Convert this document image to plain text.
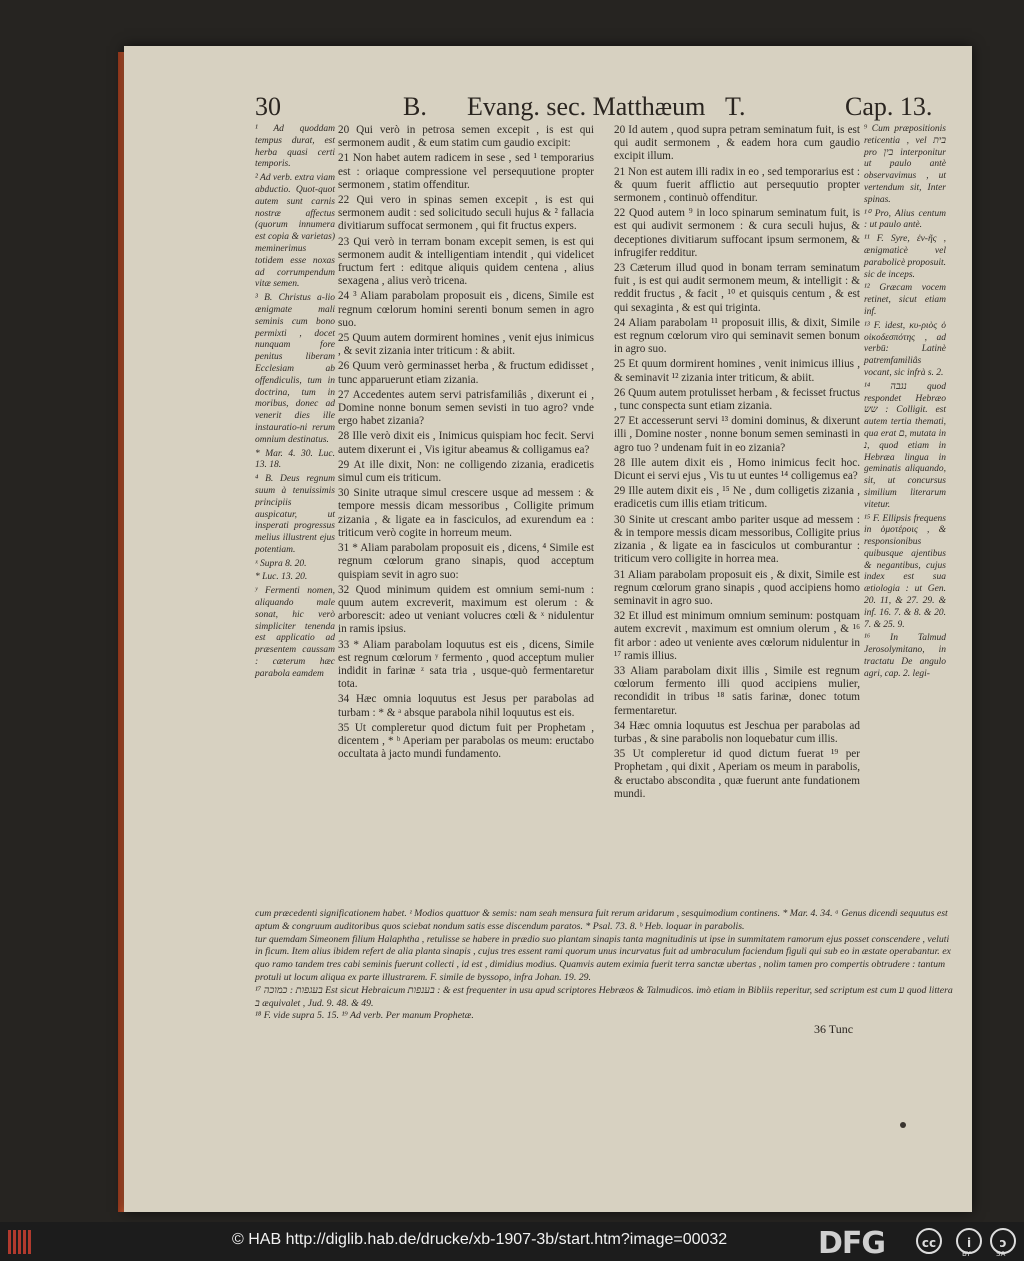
30	B. Evang. sec. Matthæum T.	Cap. 13.

¹ Ad quoddam tempus durat, est herba quasi certi temporis.

² Ad verb. extra viam abductio. Quot-quot autem sunt carnis nostræ affectus (quorum innumera est copia & varietas) meminerimus totidem esse noxas ad corrumpendum vitæ semen.

³ B. Christus a-lio ænigmate mali seminis cum bono permixti , docet nunquam fore penitus liberam Ecclesiam ab offendiculis, tum in doctrina, tum in moribus, donec ad venerit dies ille instauratio-ni rerum omnium destinatus.

* Mar. 4. 30. Luc. 13. 18.

⁴ B. Deus regnum suum à tenuissimis principiis auspicatur, ut insperati progressus melius illustrent ejus potentiam.

ˣ Supra 8. 20.

* Luc. 13. 20.

ʸ Fermenti nomen, aliquando male sonat, hic verò simpliciter tenenda est applicatio ad præsentem caussam : cæterum hæc parabola eamdem

20 Qui verò in petrosa semen excepit , is est qui sermonem audit , & eum statim cum gaudio excipit:

21 Non habet autem radicem in sese , sed ¹ temporarius est : oriaque compressione vel persequutione propter sermonem , statim offenditur.

22 Qui vero in spinas semen excepit , is est qui sermonem audit : sed solicitudo seculi hujus & ² fallacia divitiarum suffocat sermonem , qui fit fructus expers.

23 Qui verò in terram bonam excepit semen, is est qui sermonem audit & intelligentiam intendit , qui videlicet fructum fert : editque aliquis quidem centena , alius sexagena , alius verò tricena.

24 ³ Aliam parabolam proposuit eis , dicens, Simile est regnum cœlorum homini serenti bonum semen in agro suo.

25 Quum autem dormirent homines , venit ejus inimicus , & sevit zizania inter triticum : & abiit.

26 Quum verò germinasset herba , & fructum edidisset , tunc apparuerunt etiam zizania.

27 Accedentes autem servi patrisfamiliâs , dixerunt ei , Domine nonne bonum semen sevisti in tuo agro? vnde ergo habet zizania?

28 Ille verò dixit eis , Inimicus quispiam hoc fecit. Servi autem dixerunt ei , Vis igitur abeamus & colligamus ea?

29 At ille dixit, Non: ne colligendo zizania, eradicetis simul cum eis triticum.

30 Sinite utraque simul crescere usque ad messem : & tempore messis dicam messoribus , Colligite primum zizania , & ligate ea in fasciculos, ad exurendum ea : triticum verò cogite in horreum meum.

31 * Aliam parabolam proposuit eis , dicens, ⁴ Simile est regnum cœlorum grano sinapis, quod acceptum quispiam sevit in agro suo:

32 Quod minimum quidem est omnium semi-num : quum autem excreverit, maximum est olerum : & arborescit: adeo ut veniant volucres cœli & ˣ nidulentur in ramis ipsius.

33 * Aliam parabolam loquutus est eis , dicens, Simile est regnum cœlorum ʸ fermento , quod acceptum mulier indidit in farinæ ᶻ sata tria , usque-quò fermentaretur tota.

34 Hæc omnia loquutus est Jesus per parabolas ad turbam : * & ᵃ absque parabola nihil loquutus est eis.

35 Ut compleretur quod dictum fuit per Prophetam , dicentem , * ᵇ Aperiam per parabolas os meum: eructabo occultata à jacto mundi fundamento.

20 Id autem , quod supra petram seminatum fuit, is est qui audit sermonem , & eadem hora cum gaudio excipit illum.

21 Non est autem illi radix in eo , sed temporarius est : & quum fuerit afflictio aut persequutio propter sermonem , continuò offenditur.

22 Quod autem ⁹ in loco spinarum seminatum fuit, is est qui audivit sermonem : & cura seculi hujus, & deceptiones divitiarum suffocant ipsum sermonem, & infrugifer redditur.

23 Cæterum illud quod in bonam terram seminatum fuit , is est qui audit sermonem meum, & intelligit : & reddit fructus , & facit , ¹⁰ et quisquis centum , & est qui sexaginta , & est qui triginta.

24 Aliam parabolam ¹¹ proposuit illis, & dixit, Simile est regnum cœlorum viro qui seminavit semen bonum in agro suo.

25 Et quum dormirent homines , venit inimicus illius , & seminavit ¹² zizania inter triticum, & abiit.

26 Quum autem protulisset herbam , & fecisset fructus , tunc conspecta sunt etiam zizania.

27 Et accesserunt servi ¹³ domini dominus, & dixerunt illi , Domine noster , nonne bonum semen seminasti in agro tuo ? undenam fuit in eo zizania?

28 Ille autem dixit eis , Homo inimicus fecit hoc. Dicunt ei servi ejus , Vis tu ut euntes ¹⁴ colligemus ea?

29 Ille autem dixit eis , ¹⁵ Ne , dum colligetis zizania , eradicetis cum illis etiam triticum.

30 Sinite ut crescant ambo pariter usque ad messem : & in tempore messis dicam messoribus, Colligite prius zizania , & ligate ea in fasciculos ut comburantur : triticum vero colligite in horrea mea.

31 Aliam parabolam proposuit eis , & dixit, Simile est regnum cœlorum grano sinapis , quod accipiens homo seminavit in agro suo.

32 Et illud est minimum omnium seminum: postquam autem excrevit , maximum est omnium olerum , & ¹⁶ fit arbor : adeo ut veniente aves cœlorum nidulentur in ¹⁷ ramis illius.

33 Aliam parabolam dixit illis , Simile est regnum cœlorum fermento illi quod accipiens mulier, recondidit in tribus ¹⁸ satis farinæ, donec totum fermentaretur.

34 Hæc omnia loquutus est Jeschua per parabolas ad turbas , & sine parabolis non loquebatur cum illis.

35 Ut compleretur id quod dictum fuerat ¹⁹ per Prophetam , qui dixit , Aperiam os meum in parabolis, & eructabo abscondita , quæ fuerunt ante fundationem mundi.

⁹ Cum præpositionis reticentia , vel בית pro בין interponitur ut paulo antè observavimus , ut vertendum sit, Inter spinas.

¹⁰ Pro, Alius centum : ut paulo antè.

¹¹ F. Syre, ἐν-ῆς , ænigmaticè vel parabolicè proposuit. sic de inceps.

¹² Græcam vocem retinet, sicut etiam inf.

¹³ F. idest, κυ-ριὸς ὁ οἰκοδεσπότης , ad verbū: Latinè patremfamiliâs vocant, sic infrà s. 2.

¹⁴ נגבה quod respondet Hebræo שש : Colligit. est autem tertia themati, qua erat ם, mutata in נ, quod etiam in Hebræa lingua in geminatis aliquando, sit, ut concursus similium literarum vitetur.

¹⁵ F. Ellipsis frequens in ὁμοτέροις , & responsionibus quibusque ajentibus & negantibus, cujus index est sua ætiologia : ut Gen. 20. 11, & 27. 29. & inf. 16. 7. & 8. & 20. 7. & 25. 9.

¹⁶ In Talmud Jerosolymitano, in tractatu De angulo agri, cap. 2. legi-

cum præcedenti significationem habet. ᶻ Modios quattuor & semis: nam seah mensura fuit rerum aridarum , sesquimodium continens. * Mar. 4. 34. ᵃ Genus dicendi sequutus est aptum & congruum auditoribus quos sciebat nondum satis esse discendum paratos. * Psal. 73. 8. ᵇ Heb. loquar in parabolis.

tur quemdam Simeonem filium Halaphtha , retulisse se habere in prædio suo plantam sinapis tanta magnitudinis ut ipse in summitatem ramorum ejus posset conscendere , veluti in ficum. Item alius ibidem refert de alia planta sinapis , cujus tres essent rami quorum unus incurvatus fuit ad umbraculum faciendum figuli qui sub eo in æstate operabantur. ex quo ramo tandem tres cabi seminis fuerunt collecti , id est , dimidius modius. Quamvis autem eximia fuerit terra sanctæ ubertas , nolim tamen pro compertis obtrudere : tantum protuli ut locum aliqua ex parte illustrarem. F. simile de byssopo, infra Johan. 19. 29.

¹⁷ בעגפות : כמוכה Est sicut Hebraicum בענפות : & est frequenter in usu apud scriptores Hebræos & Talmudicos. imò etiam in Bibliis reperitur, sed scriptum est cum ע quod littera ב æquivalet , Jud. 9. 48. & 49.

¹⁸ F. vide supra 5. 15. ¹⁹ Ad verb. Per manum Prophetæ.

36 Tunc
© HAB http://diglib.hab.de/drucke/xb-1907-3b/start.htm?image=00032	DFG	cc	i	ↄ
BY	SA
